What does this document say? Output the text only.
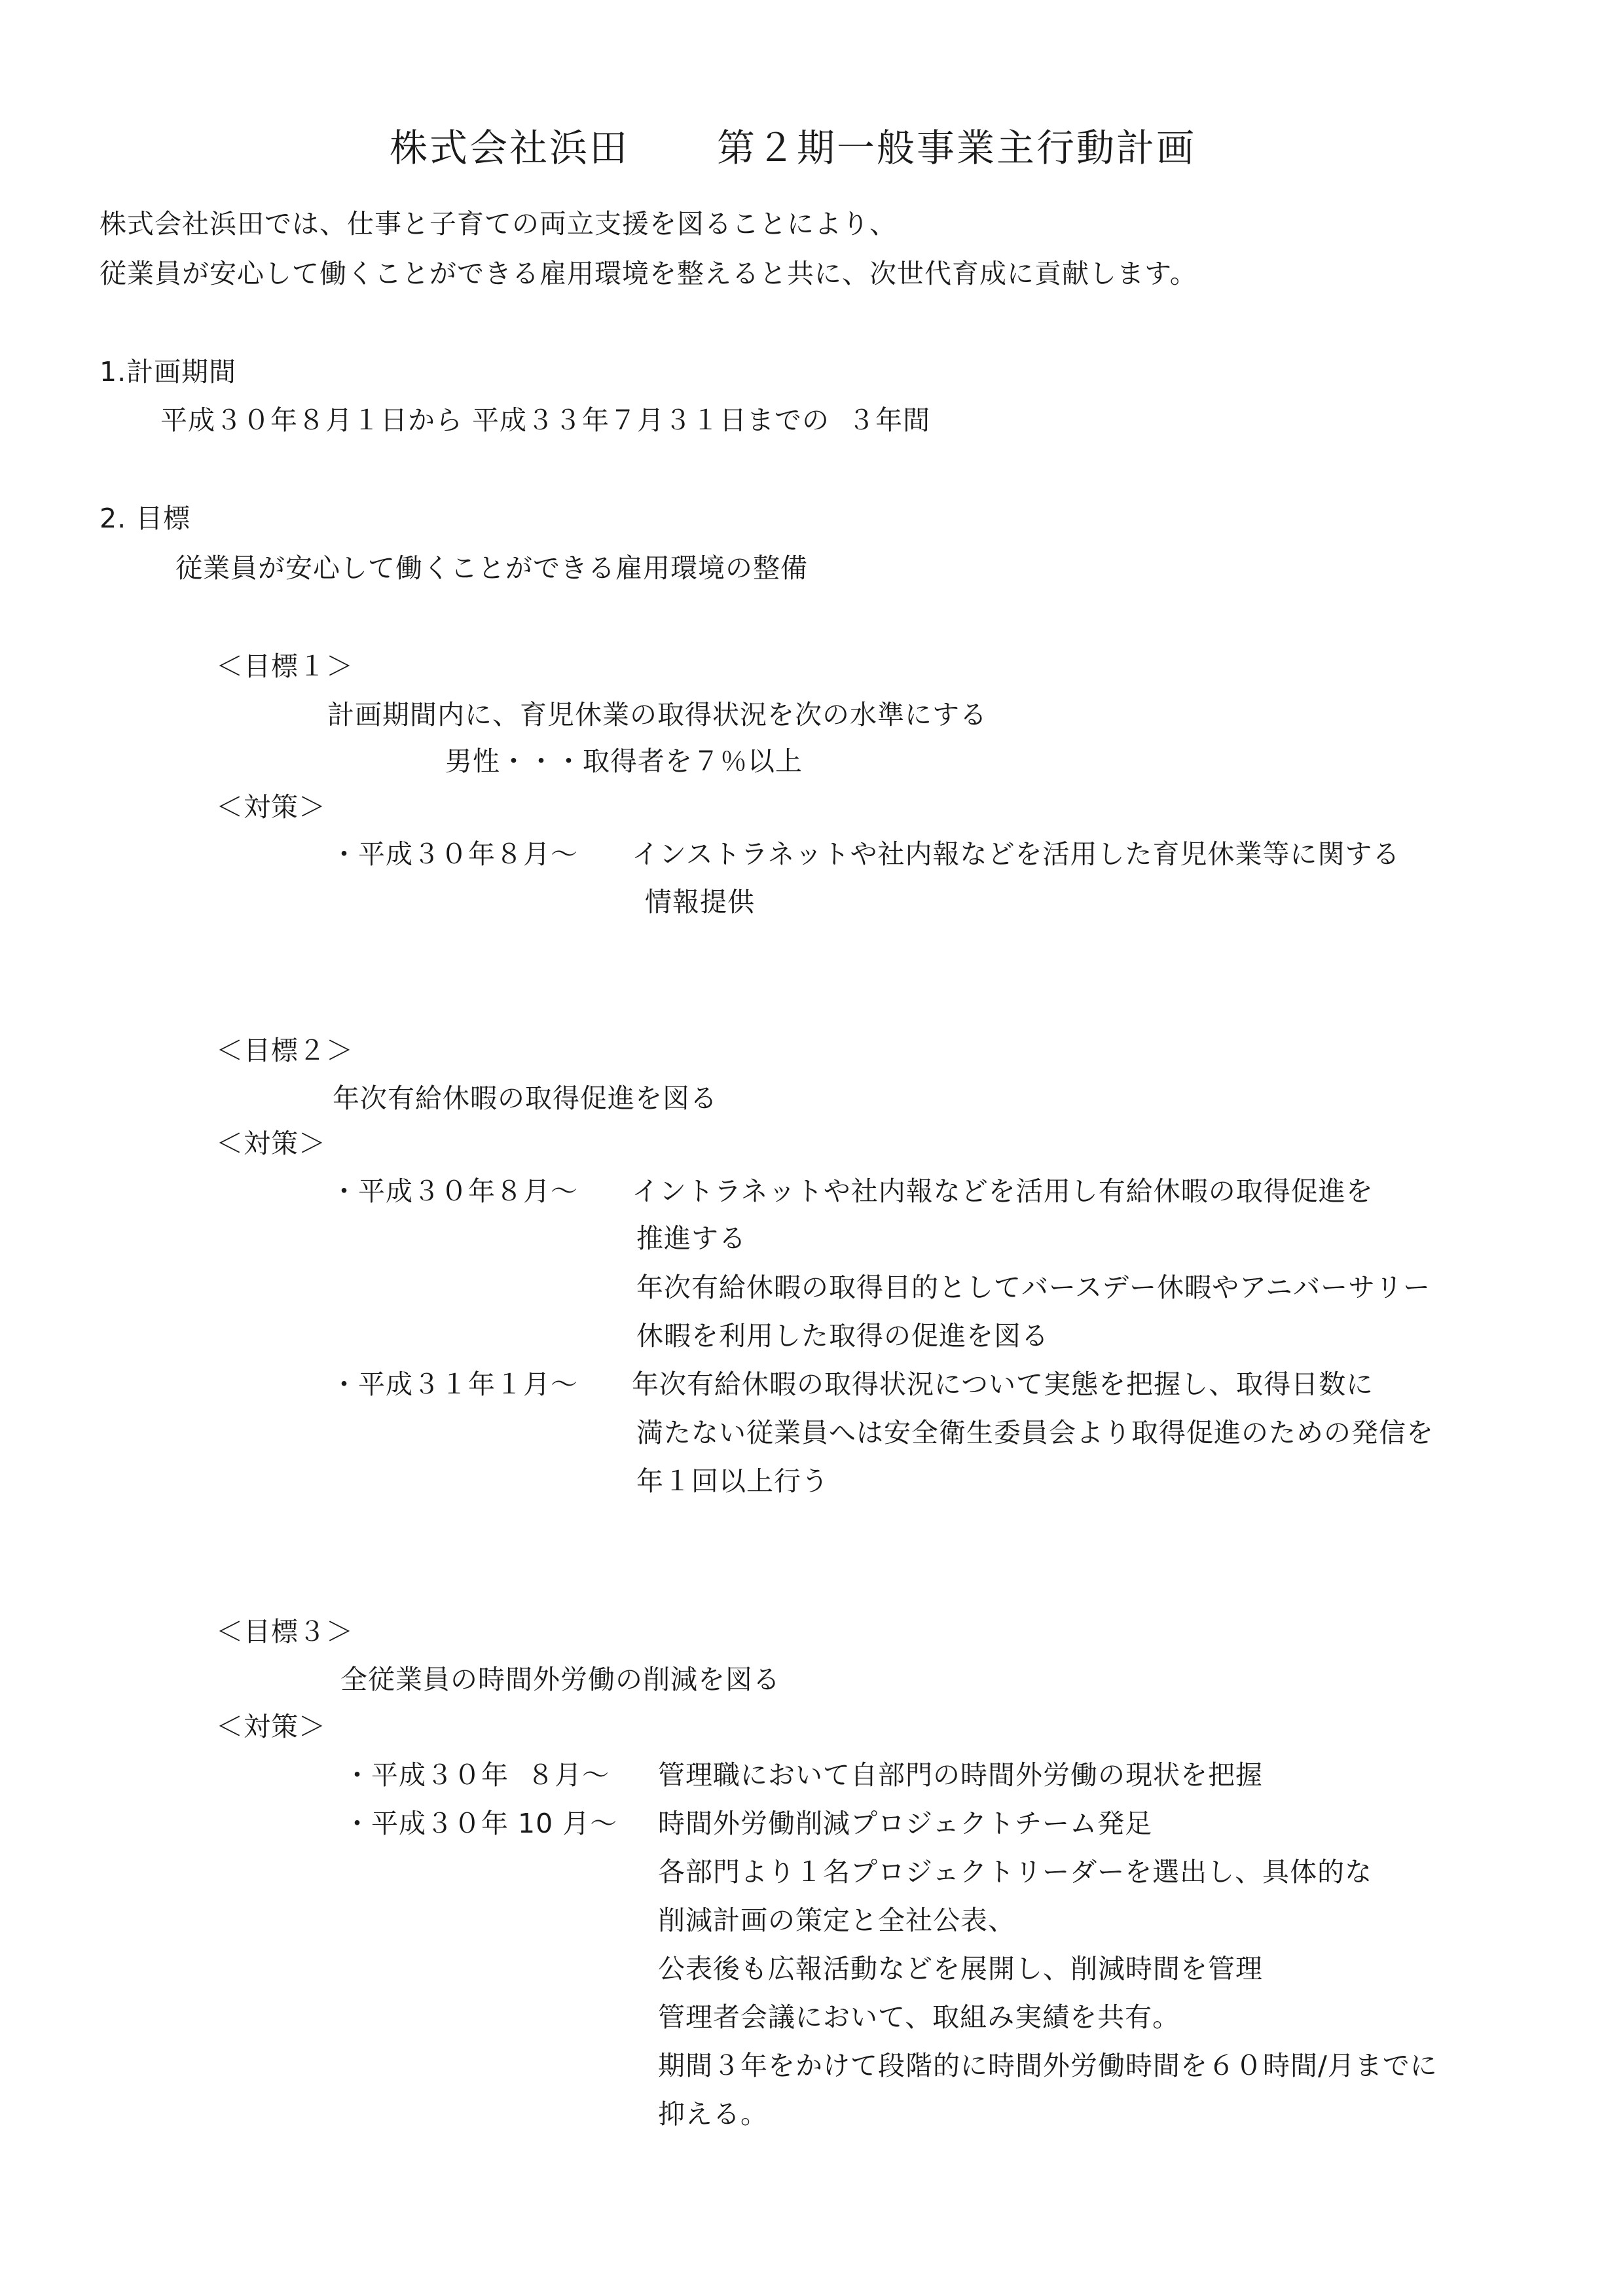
株式会社浜田 第２期一般事業主行動計画
株式会社浜田では、仕事と子育ての両立支援を図ることにより、
従業員が安心して働くことができる雇用環境を整えると共に、次世代育成に貢献します。
1.計画期間
平成３０年８月１日から 平成３３年７月３１日までの  ３年間
2. 目標
従業員が安心して働くことができる雇用環境の整備
＜目標１＞
計画期間内に、育児休業の取得状況を次の水準にする
男性・・・取得者を７％以上
＜対策＞
・平成３０年８月～ インストラネットや社内報などを活用した育児休業等に関する
情報提供
＜目標２＞
年次有給休暇の取得促進を図る
＜対策＞
・平成３０年８月～ イントラネットや社内報などを活用し有給休暇の取得促進を
推進する
年次有給休暇の取得目的としてバースデー休暇やアニバーサリー
休暇を利用した取得の促進を図る
・平成３１年１月～ 年次有給休暇の取得状況について実態を把握し、取得日数に
満たない従業員へは安全衛生委員会より取得促進のための発信を
年１回以上行う
＜目標３＞
全従業員の時間外労働の削減を図る
＜対策＞
・平成３０年  ８月～ 管理職において自部門の時間外労働の現状を把握
・平成３０年 10 月～ 時間外労働削減プロジェクトチーム発足
各部門より１名プロジェクトリーダーを選出し、具体的な
削減計画の策定と全社公表、
公表後も広報活動などを展開し、削減時間を管理
管理者会議において、取組み実績を共有。
期間３年をかけて段階的に時間外労働時間を６０時間/月までに
抑える。
